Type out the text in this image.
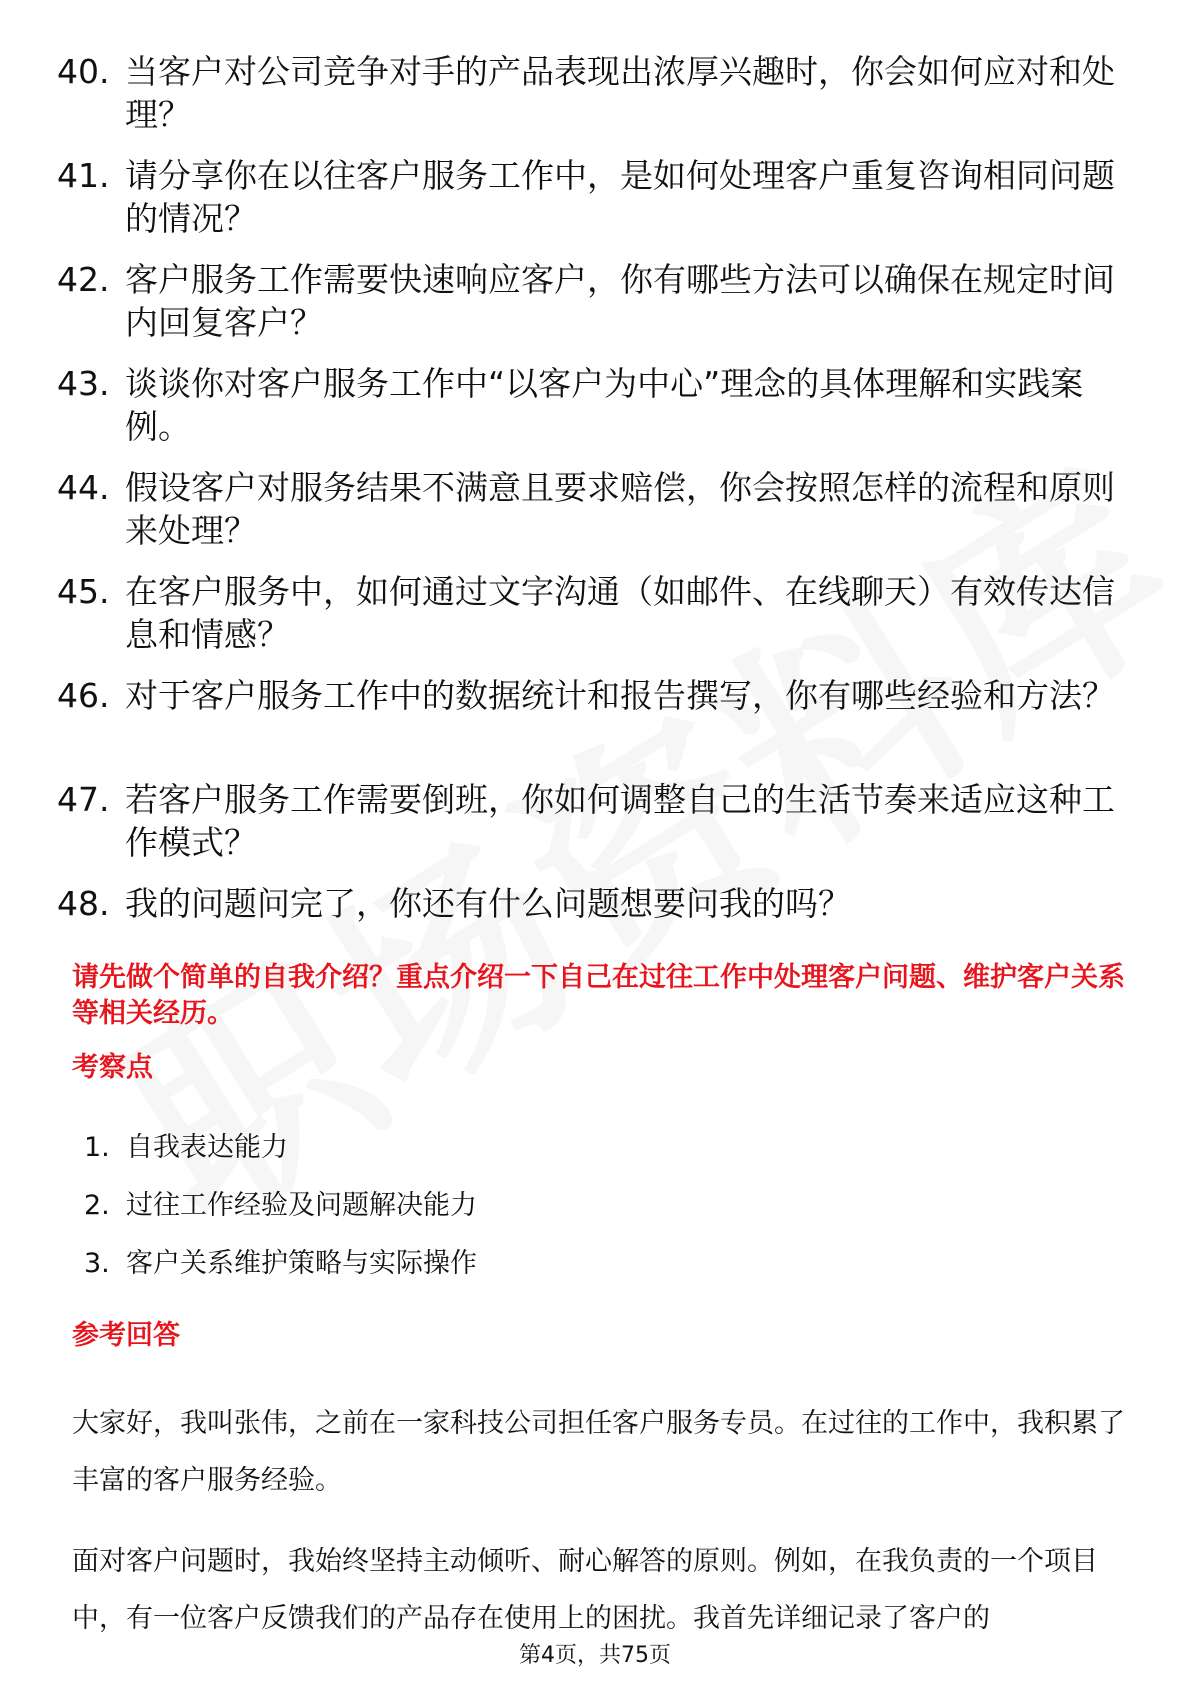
40. 当客户对公司竞争对手的产品表现出浓厚兴趣时，你会如何应对和处理？
41. 请分享你在以往客户服务工作中，是如何处理客户重复咨询相同问题的情况？
42. 客户服务工作需要快速响应客户，你有哪些方法可以确保在规定时间内回复客户？
43. 谈谈你对客户服务工作中“以客户为中心”理念的具体理解和实践案例。
44. 假设客户对服务结果不满意且要求赔偿，你会按照怎样的流程和原则来处理？
45. 在客户服务中，如何通过文字沟通（如邮件、在线聊天）有效传达信息和情感？
46. 对于客户服务工作中的数据统计和报告撰写，你有哪些经验和方法？
47. 若客户服务工作需要倒班，你如何调整自己的生活节奏来适应这种工作模式？
48. 我的问题问完了，你还有什么问题想要问我的吗？
请先做个简单的自我介绍？重点介绍一下自己在过往工作中处理客户问题、维护客户关系等相关经历。
考察点
1. 自我表达能力
2. 过往工作经验及问题解决能力
3. 客户关系维护策略与实际操作
参考回答

大家好，我叫张伟，之前在一家科技公司担任客户服务专员。在过往的工作中，我积累了丰富的客户服务经验。

面对客户问题时，我始终坚持主动倾听、耐心解答的原则。例如，在我负责的一个项目中，有一位客户反馈我们的产品存在使用上的困扰。我首先详细记录了客户的

第4页，共75页
